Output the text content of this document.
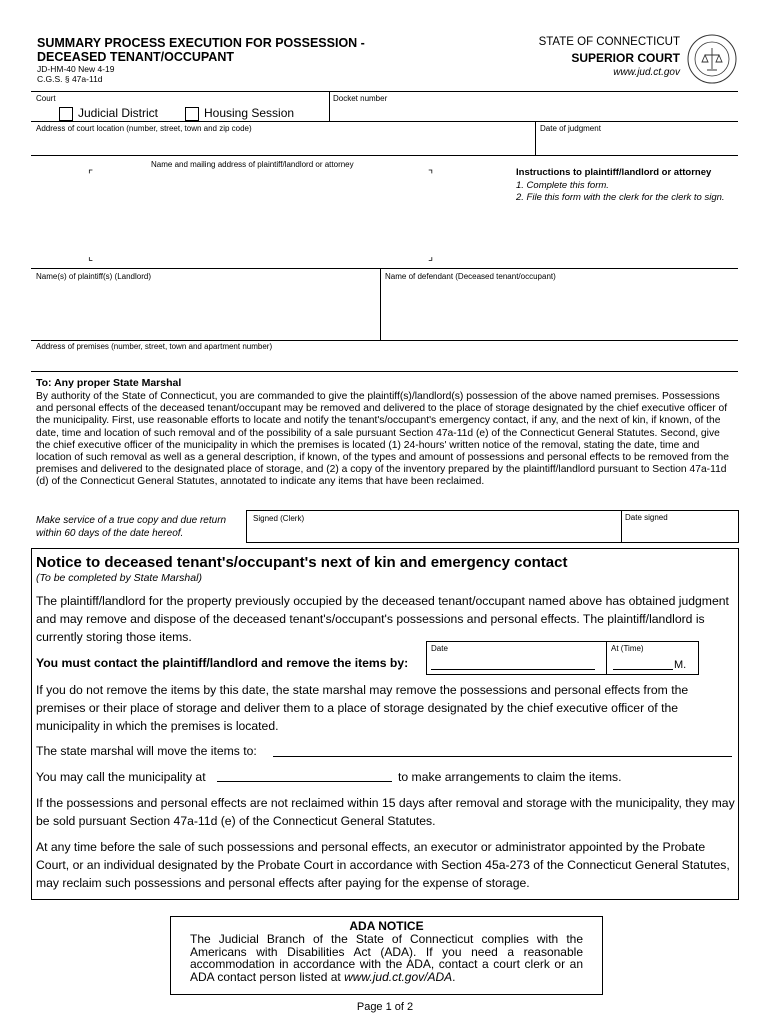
SUMMARY PROCESS EXECUTION FOR POSSESSION -
DECEASED TENANT/OCCUPANT
JD-HM-40 New 4-19
C.G.S. § 47a-11d
STATE OF CONNECTICUT
SUPERIOR COURT
www.jud.ct.gov
Court	Docket number
Judicial District	Housing Session
Address of court location (number, street, town and zip code)	Date of judgment
Name and mailing address of plaintiff/landlord or attorney
⌜	⌝
⌞	⌟
Instructions to plaintiff/landlord or attorney
1. Complete this form.
2. File this form with the clerk for the clerk to sign.
Name(s) of plaintiff(s) (Landlord)	Name of defendant (Deceased tenant/occupant)
Address of premises (number, street, town and apartment number)
To: Any proper State Marshal
By authority of the State of Connecticut, you are commanded to give the plaintiff(s)/landlord(s) possession of the above named premises. Possessions and personal effects of the deceased tenant/occupant may be removed and delivered to the place of storage designated by the chief executive officer of the municipality. First, use reasonable efforts to locate and notify the tenant's/occupant's emergency contact, if any, and the next of kin, if known, of the date, time and location of such removal and of the possibility of a sale pursuant Section 47a-11d (e) of the Connecticut General Statutes. Second, give the chief executive officer of the municipality in which the premises is located (1) 24-hours' written notice of the removal, stating the date, time and location of such removal as well as a general description, if known, of the types and amount of possessions and personal effects to be removed from the premises and delivered to the designated place of storage, and (2) a copy of the inventory prepared by the plaintiff/landlord pursuant to Section 47a-11d (d) of the Connecticut General Statutes, annotated to indicate any items that have been reclaimed.
Make service of a true copy and due return within 60 days of the date hereof.
Signed (Clerk)	Date signed
Notice to deceased tenant's/occupant's next of kin and emergency contact
(To be completed by State Marshal)
The plaintiff/landlord for the property previously occupied by the deceased tenant/occupant named above has obtained judgment and may remove and dispose of the deceased tenant's/occupant's possessions and personal effects. The plaintiff/landlord is currently storing those items.
You must contact the plaintiff/landlord and remove the items by:
Date	At (Time)
M.
If you do not remove the items by this date, the state marshal may remove the possessions and personal effects from the premises or their place of storage and deliver them to a place of storage designated by the chief executive officer of the municipality in which the premises is located.
The state marshal will move the items to:
You may call the municipality at	to make arrangements to claim the items.
If the possessions and personal effects are not reclaimed within 15 days after removal and storage with the municipality, they may be sold pursuant Section 47a-11d (e) of the Connecticut General Statutes.
At any time before the sale of such possessions and personal effects, an executor or administrator appointed by the Probate Court, or an individual designated by the Probate Court in accordance with Section 45a-273 of the Connecticut General Statutes, may reclaim such possessions and personal effects after paying for the expense of storage.
ADA NOTICE
The Judicial Branch of the State of Connecticut complies with the Americans with Disabilities Act (ADA). If you need a reasonable accommodation in accordance with the ADA, contact a court clerk or an ADA contact person listed at www.jud.ct.gov/ADA.
Page 1 of 2
